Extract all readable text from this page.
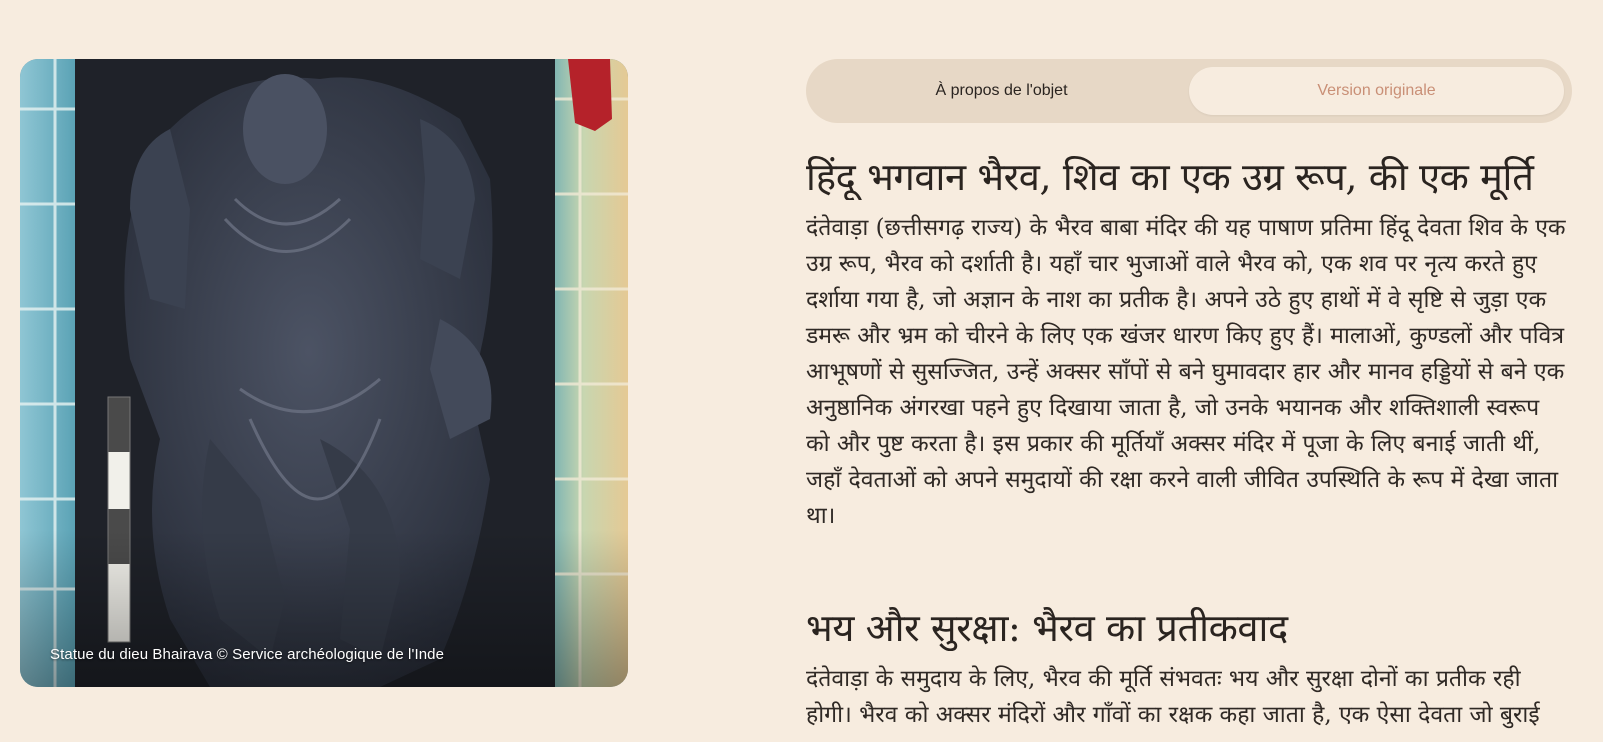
Statue du dieu Bhairava © Service archéologique de l'Inde
À propos de l'objet	Version originale
हिंदू भगवान भैरव, शिव का एक उग्र रूप, की एक मूर्ति

दंतेवाड़ा (छत्तीसगढ़ राज्य) के भैरव बाबा मंदिर की यह पाषाण प्रतिमा हिंदू देवता शिव के एक उग्र रूप, भैरव को दर्शाती है। यहाँ चार भुजाओं वाले भैरव को, एक शव पर नृत्य करते हुए दर्शाया गया है, जो अज्ञान के नाश का प्रतीक है। अपने उठे हुए हाथों में वे सृष्टि से जुड़ा एक डमरू और भ्रम को चीरने के लिए एक खंजर धारण किए हुए हैं। मालाओं, कुण्डलों और पवित्र आभूषणों से सुसज्जित, उन्हें अक्सर साँपों से बने घुमावदार हार और मानव हड्डियों से बने एक अनुष्ठानिक अंगरखा पहने हुए दिखाया जाता है, जो उनके भयानक और शक्तिशाली स्वरूप को और पुष्ट करता है। इस प्रकार की मूर्तियाँ अक्सर मंदिर में पूजा के लिए बनाई जाती थीं, जहाँ देवताओं को अपने समुदायों की रक्षा करने वाली जीवित उपस्थिति के रूप में देखा जाता था।

भय और सुरक्षा: भैरव का प्रतीकवाद

दंतेवाड़ा के समुदाय के लिए, भैरव की मूर्ति संभवतः भय और सुरक्षा दोनों का प्रतीक रही होगी। भैरव को अक्सर मंदिरों और गाँवों का रक्षक कहा जाता है, एक ऐसा देवता जो बुराई
